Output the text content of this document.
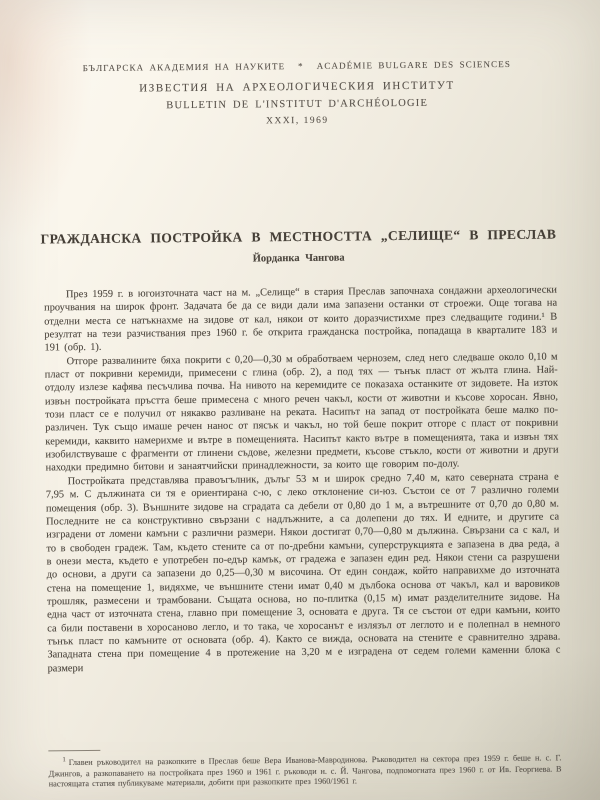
БЪЛГАРСКА АКАДЕМИЯ НА НАУКИТЕ * ACADÉMIE BULGARE DES SCIENCES
ИЗВЕСТИЯ НА АРХЕОЛОГИЧЕСКИЯ ИНСТИТУТ
BULLETIN DE L'INSTITUT D'ARCHÉOLOGIE
XXXI, 1969
ГРАЖДАНСКА ПОСТРОЙКА В МЕСТНОСТТА „СЕЛИЩЕ“ В ПРЕСЛАВ
Йорданка Чангова

През 1959 г. в югоизточната част на м. „Селище“ в стария Преслав започнаха сондажни археологически проучвания на широк фронт. Задачата бе да се види дали има запазени останки от строежи. Още тогава на отделни места се натъкнахме на зидове от кал, някои от които доразчистихме през следващите години.¹ В резултат на тези разчиствания през 1960 г. бе открита гражданска постройка, попадаща в кварталите 183 и 191 (обр. 1).

Отгоре развалините бяха покрити с 0,20—0,30 м обработваем чернозем, след него следваше около 0,10 м пласт от покривни керемиди, примесени с глина (обр. 2), а под тях — тънък пласт от жълта глина. Най-отдолу излезе кафява песъчлива почва. На нивото на керемидите се показаха останките от зидовете. На изток извън постройката пръстта беше примесена с много речен чакъл, кости от животни и късове хоросан. Явно, този пласт се е получил от някакво разливане на реката. Насипът на запад от постройката беше малко по-различен. Тук също имаше речен нанос от пясък и чакъл, но той беше покрит отгоре с пласт от покривни керемиди, каквито намерихме и вътре в помещенията. Насипът както вътре в помещенията, така и извън тях изобилствуваше с фрагменти от глинени съдове, железни предмети, късове стъкло, кости от животни и други находки предимно битови и занаятчийски принадлежности, за които ще говорим по-долу.

Постройката представлява правоъгълник, дълъг 53 м и широк средно 7,40 м, като северната страна е 7,95 м. С дължината си тя е ориентирана с-ю, с леко отклонение си-юз. Състои се от 7 различно големи помещения (обр. 3). Външните зидове на сградата са дебели от 0,80 до 1 м, а вътрешните от 0,70 до 0,80 м. Последните не са конструктивно свързани с надлъжните, а са долепени до тях. И едните, и другите са изградени от ломени камъни с различни размери. Някои достигат 0,70—0,80 м дължина. Свързани са с кал, и то в свободен градеж. Там, където стените са от по-дребни камъни, суперструкцията е запазена в два реда, а в онези места, където е употребен по-едър камък, от градежа е запазен един ред. Някои стени са разрушени до основи, а други са запазени до 0,25—0,30 м височина. От един сондаж, който направихме до източната стена на помещение 1, видяхме, че външните стени имат 0,40 м дълбока основа от чакъл, кал и варовиков трошляк, размесени и трамбовани. Същата основа, но по-плитка (0,15 м) имат разделителните зидове. На една част от източната стена, главно при помещение 3, основата е друга. Тя се състои от едри камъни, които са били поставени в хоросаново легло, и то така, че хоросанът е излязъл от леглото и е полепнал в немного тънък пласт по камъните от основата (обр. 4). Както се вижда, основата на стените е сравнително здрава. Западната стена при помещение 4 в протежение на 3,20 м е изградена от седем големи каменни блока с размери

$^1$ Главен ръководител на разкопките в Преслав беше Вера Иванова-Мавродинова. Ръководител на сектора през 1959 г. беше н. с. Г. Джингов, а разкопаването на постройката през 1960 и 1961 г. ръководи н. с. Й. Чангова, подпомогната през 1960 г. от Ив. Георгиева. В настоящата статия публикуваме материали, добити при разкопките през 1960/1961 г.
